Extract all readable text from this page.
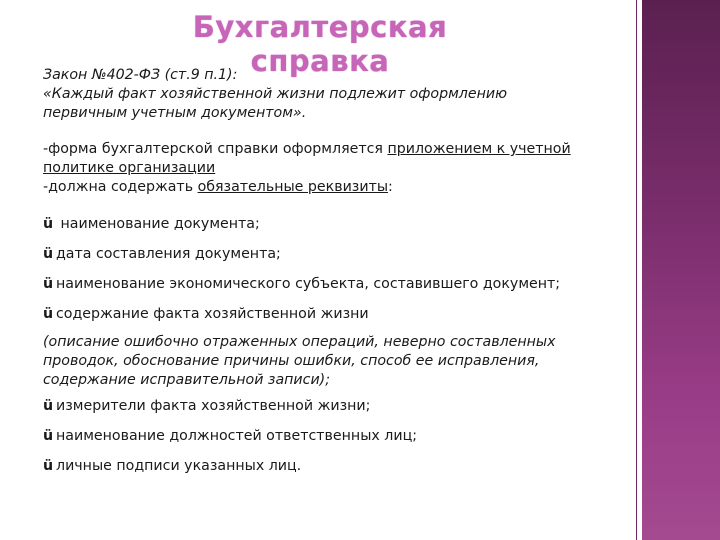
Бухгалтерская справка

Закон №402-ФЗ (ст.9 п.1):

«Каждый факт хозяйственной жизни подлежит оформлению

первичным учетным документом».

-форма бухгалтерской справки оформляется приложением к учетной политике организации

-должна содержать обязательные реквизиты:

ü наименование документа;

ü дата составления документа;

ü наименование экономического субъекта, составившего документ;

ü содержание факта хозяйственной жизни

(описание ошибочно отраженных операций, неверно составленных проводок, обоснование причины ошибки, способ ее исправления, содержание исправительной записи);

ü измерители факта хозяйственной жизни;

ü наименование должностей ответственных лиц;

ü личные подписи указанных лиц.
